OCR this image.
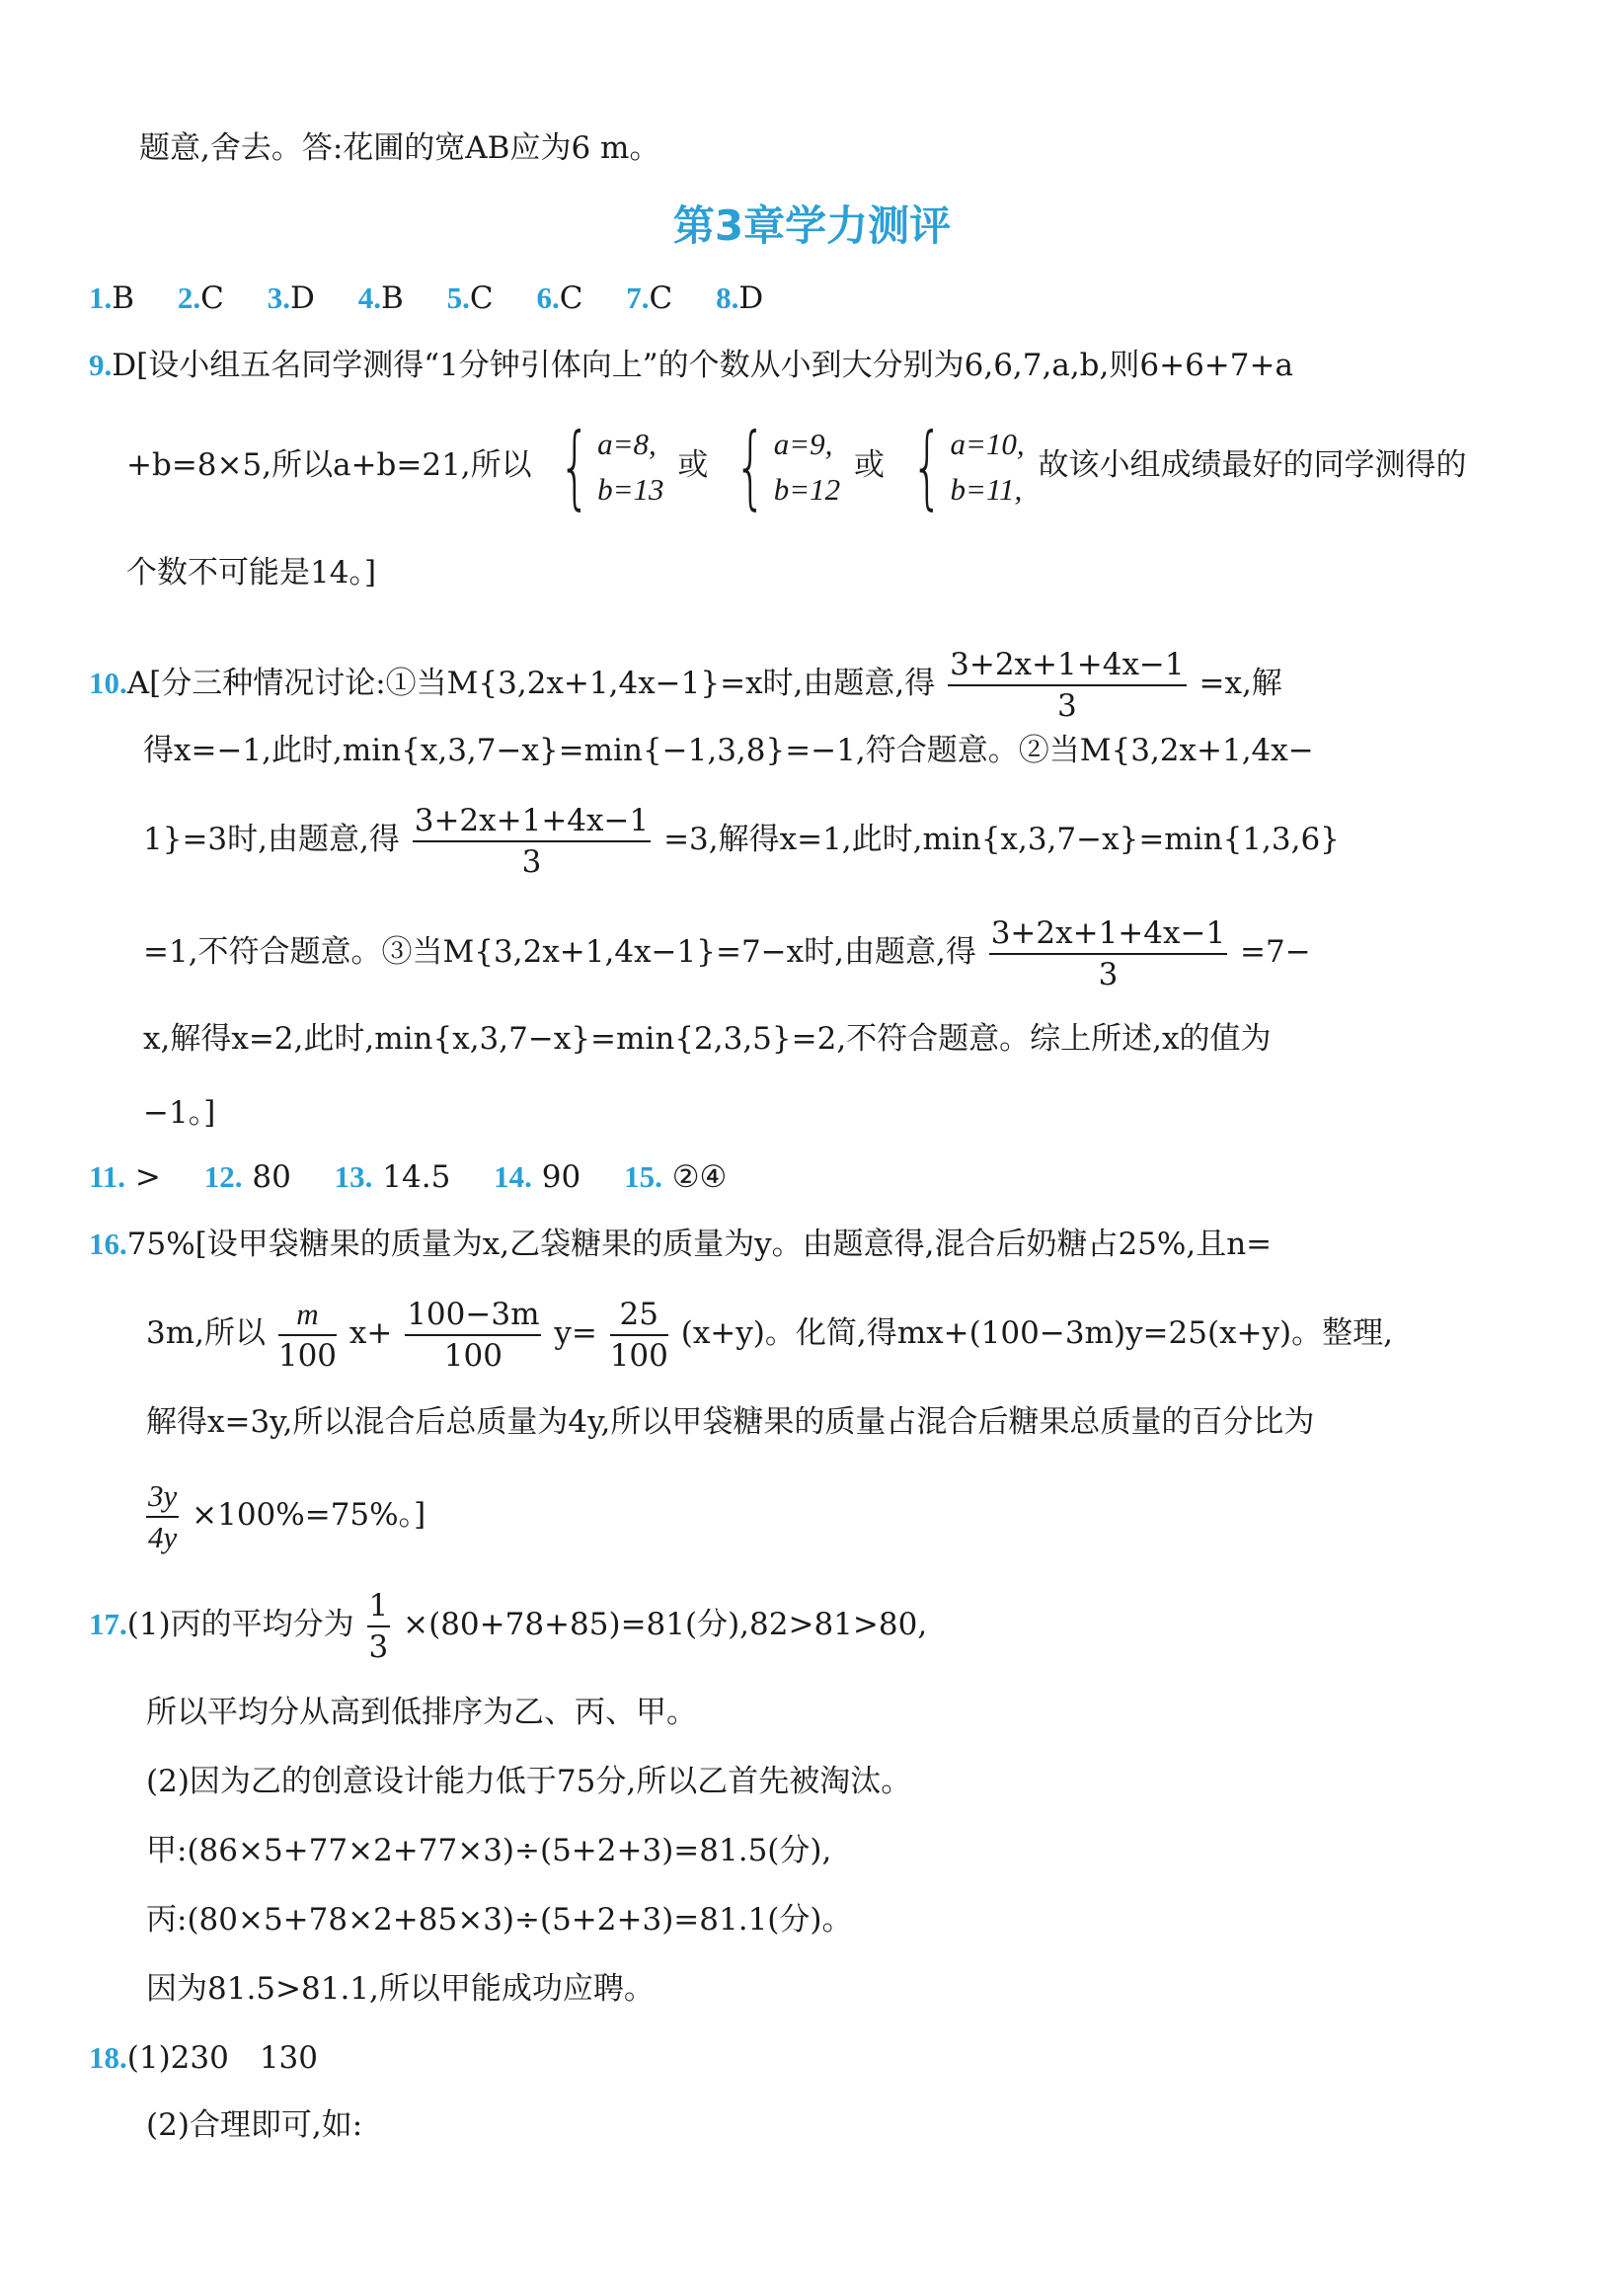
题意,舍去。答:花圃的宽AB应为6 m。
第3章学力测评
1.B 2.C 3.D 4.B 5.C 6.C 7.C 8.D
9.D[设小组五名同学测得“1分钟引体向上”的个数从小到大分别为6,6,7,a,b,则6+6+7+a
+b=8×5,所以a+b=21,所以 { a=8,
b=13
或 { a=9,
b=12
或 { a=10,
b=11,
故该小组成绩最好的同学测得的
个数不可能是14。]
10.A[分三种情况讨论:①当M{3,2x+1,4x−1}=x时,由题意,得 $\frac{3+2x+1+4x-1}{3} =x$,解
得x=−1,此时,min{x,3,7−x}=min{−1,3,8}=−1,符合题意。②当M{3,2x+1,4x−
1}=3时,由题意,得 $\frac{3+2x+1+4x-1}{3} =3$,解得x=1,此时,min{x,3,7−x}=min{1,3,6}
=1,不符合题意。③当M{3,2x+1,4x−1}=7−x时,由题意,得 $\frac{3+2x+1+4x-1}{3} =7-$
x,解得x=2,此时,min{x,3,7−x}=min{2,3,5}=2,不符合题意。综上所述,x的值为
−1。]
11. > 12. 80 13. 14.5 14. 90 15. ②④
16.75%[设甲袋糖果的质量为x,乙袋糖果的质量为y。由题意得,混合后奶糖占25%,且n=
3m,所以 $\frac{m}{100} x+ \frac{100-3m}{100} y= \frac{25}{100} (x+y)$。化简,得mx+(100−3m)y=25(x+y)。整理,
解得x=3y,所以混合后总质量为4y,所以甲袋糖果的质量占混合后糖果总质量的百分比为
$\frac{3y}{4y} \times 100\%=75\%$。]
17.(1)丙的平均分为 $\frac{1}{3} \times(80+78+85)=81$(分),82>81>80,
所以平均分从高到低排序为乙、丙、甲。
(2)因为乙的创意设计能力低于75分,所以乙首先被淘汰。
甲:(86×5+77×2+77×3)÷(5+2+3)=81.5(分),
丙:(80×5+78×2+85×3)÷(5+2+3)=81.1(分)。
因为81.5>81.1,所以甲能成功应聘。
18.(1)230　130
(2)合理即可,如:
